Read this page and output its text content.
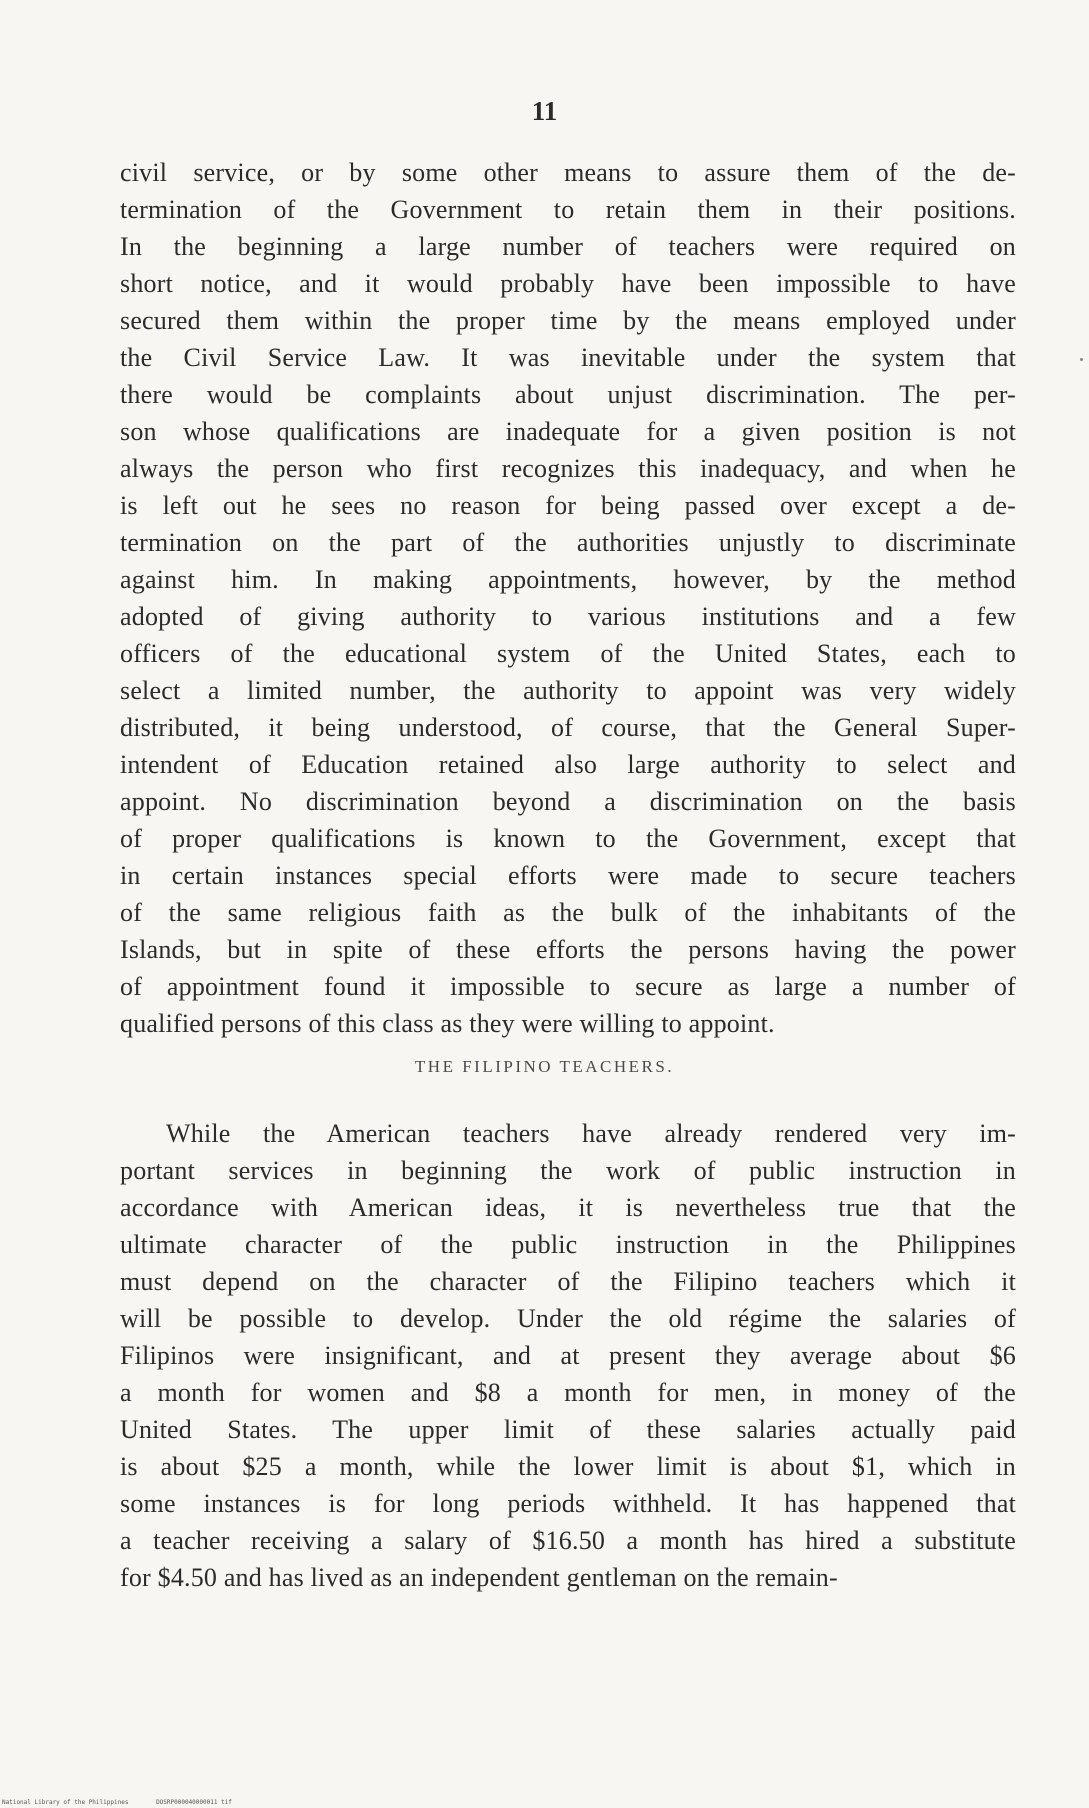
11
civil service, or by some other means to assure them of the de-
termination of the Government to retain them in their positions.
In the beginning a large number of teachers were required on
short notice, and it would probably have been impossible to have
secured them within the proper time by the means employed under
the Civil Service Law. It was inevitable under the system that
there would be complaints about unjust discrimination. The per-
son whose qualifications are inadequate for a given position is not
always the person who first recognizes this inadequacy, and when he
is left out he sees no reason for being passed over except a de-
termination on the part of the authorities unjustly to discriminate
against him. In making appointments, however, by the method
adopted of giving authority to various institutions and a few
officers of the educational system of the United States, each to
select a limited number, the authority to appoint was very widely
distributed, it being understood, of course, that the General Super-
intendent of Education retained also large authority to select and
appoint. No discrimination beyond a discrimination on the basis
of proper qualifications is known to the Government, except that
in certain instances special efforts were made to secure teachers
of the same religious faith as the bulk of the inhabitants of the
Islands, but in spite of these efforts the persons having the power
of appointment found it impossible to secure as large a number of
qualified persons of this class as they were willing to appoint.
THE FILIPINO TEACHERS.
While the American teachers have already rendered very im-
portant services in beginning the work of public instruction in
accordance with American ideas, it is nevertheless true that the
ultimate character of the public instruction in the Philippines
must depend on the character of the Filipino teachers which it
will be possible to develop. Under the old régime the salaries of
Filipinos were insignificant, and at present they average about $6
a month for women and $8 a month for men, in money of the
United States. The upper limit of these salaries actually paid
is about $25 a month, while the lower limit is about $1, which in
some instances is for long periods withheld. It has happened that
a teacher receiving a salary of $16.50 a month has hired a substitute
for $4.50 and has lived as an independent gentleman on the remain-
National Library of the Philippines	DOSRP000040000011 tif
